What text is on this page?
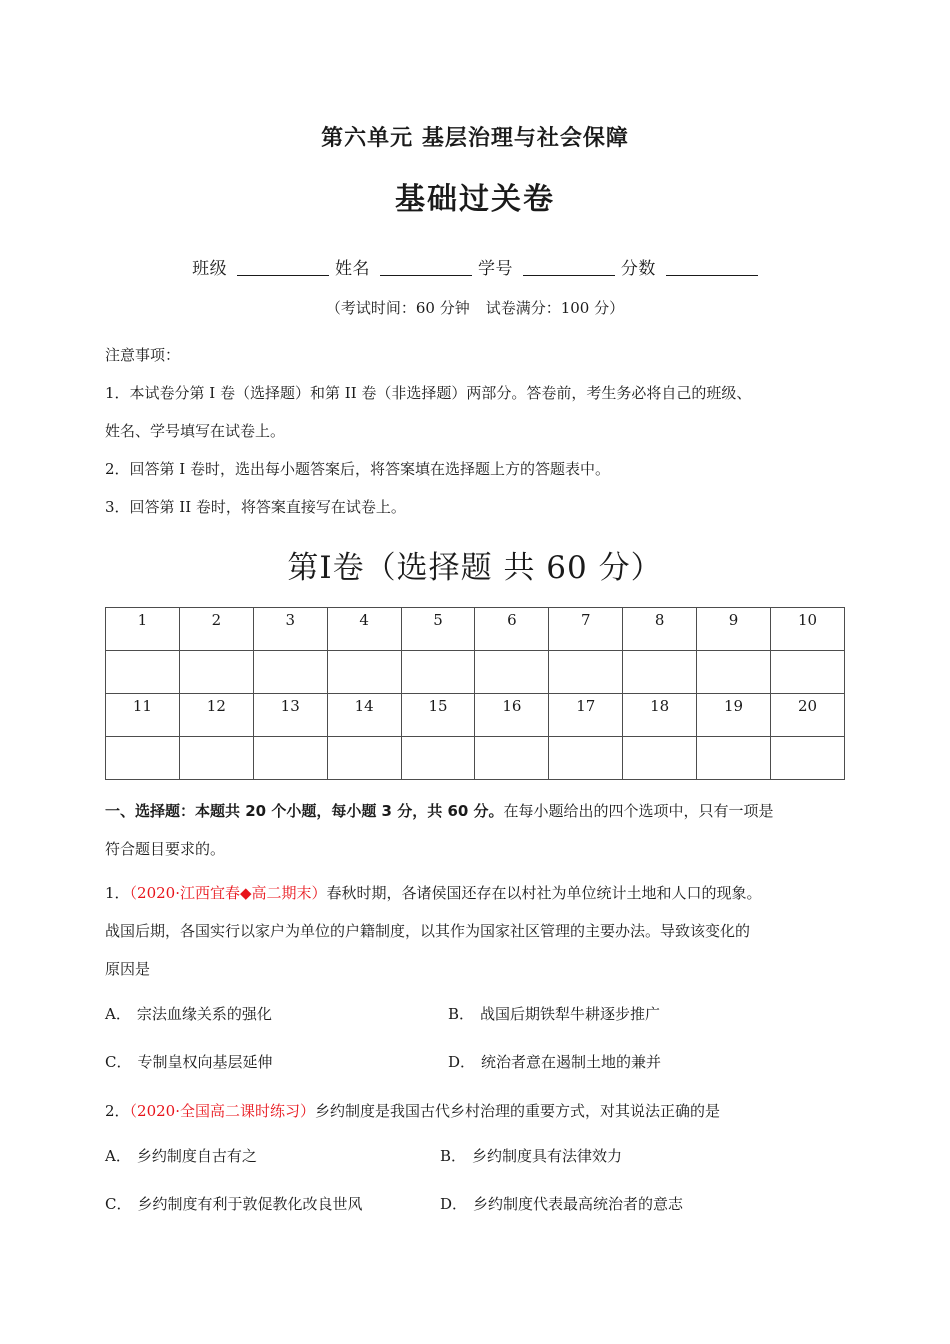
第六单元 基层治理与社会保障
基础过关卷
班级	姓名	学号	分数
（考试时间：60 分钟 试卷满分：100 分）

注意事项：

1．本试卷分第 I 卷（选择题）和第 II 卷（非选择题）两部分。答卷前，考生务必将自己的班级、

姓名、学号填写在试卷上。

2．回答第 I 卷时，选出每小题答案后，将答案填在选择题上方的答题表中。

3．回答第 II 卷时，将答案直接写在试卷上。

第Ⅰ卷（选择题 共 60 分）
1	2	3	4	5	6	7	8	9	10

11	12	13	14	15	16	17	18	19	20

一、选择题：本题共 20 个小题，每小题 3 分，共 60 分。在每小题给出的四个选项中，只有一项是

符合题目要求的。

1．（2020·江西宜春◆高二期末）春秋时期，各诸侯国还存在以村社为单位统计土地和人口的现象。

战国后期，各国实行以家户为单位的户籍制度，以其作为国家社区管理的主要办法。导致该变化的

原因是

A． 宗法血缘关系的强化	B． 战国后期铁犁牛耕逐步推广
C． 专制皇权向基层延伸	D． 统治者意在遏制土地的兼并

2．（2020·全国高二课时练习）乡约制度是我国古代乡村治理的重要方式，对其说法正确的是

A． 乡约制度自古有之	B． 乡约制度具有法律效力
C． 乡约制度有利于敦促教化改良世风	D． 乡约制度代表最高统治者的意志
